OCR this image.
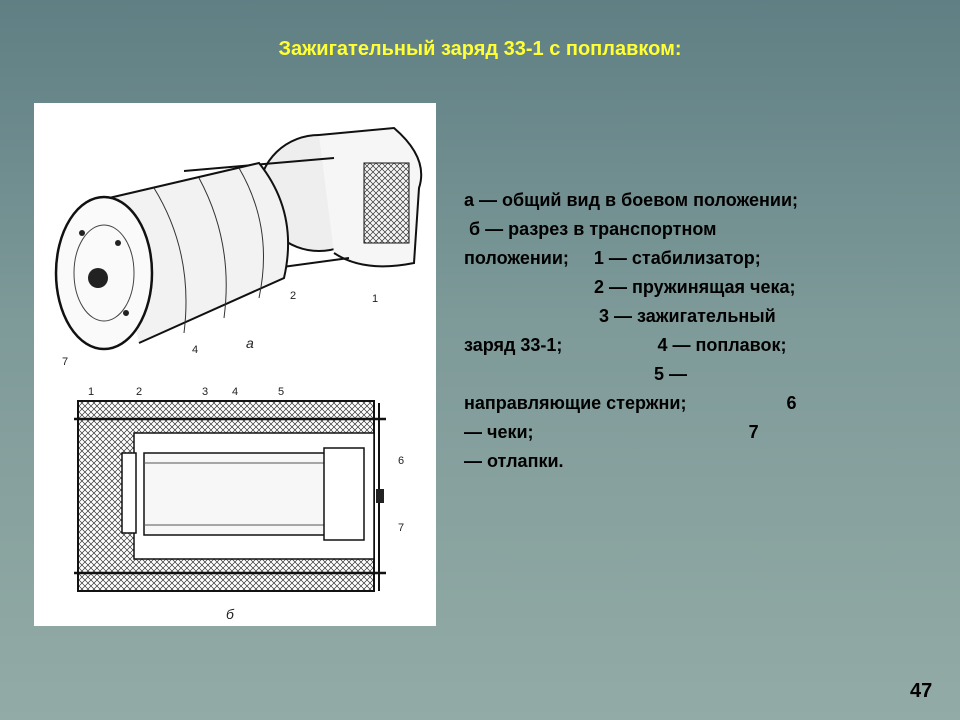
Зажигательный заряд 33-1 с поплавком:
а
2	1
4
7
1	2	3 4	5
6
7
б
а — общий вид в боевом положении;
б — разрез в транспортном
положении;     1 — стабилизатор;
2 — пружинящая чека;
3 — зажигательный
заряд 33-1;                   4 — поплавок;
5 —
направляющие стержни;                    6
— чеки;                                           7
— отлапки.
47
